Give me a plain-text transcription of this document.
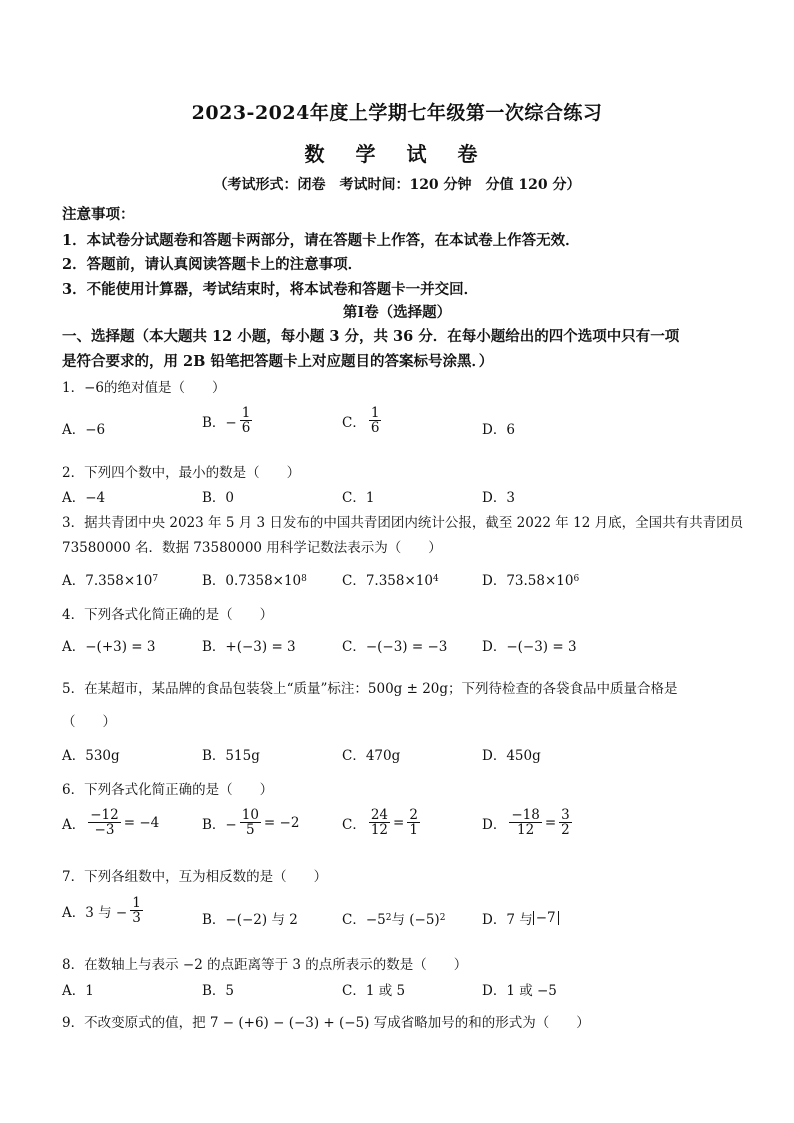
2023-2024年度上学期七年级第一次综合练习
数 学 试 卷
（考试形式：闭卷　考试时间：120 分钟　分值 120 分）
注意事项：
1．本试卷分试题卷和答题卡两部分，请在答题卡上作答，在本试卷上作答无效．
2．答题前，请认真阅读答题卡上的注意事项．
3．不能使用计算器，考试结束时，将本试卷和答题卡一并交回．
第Ⅰ卷（选择题）
一、选择题（本大题共 12 小题，每小题 3 分，共 36 分．在每小题给出的四个选项中只有一项
是符合要求的，用 2B 铅笔把答题卡上对应题目的答案标号涂黑．）
1．−6的绝对值是（　　）
A．−6	B．− $\frac{1}{6}$	C． $\frac{1}{6}$	D．6
2．下列四个数中，最小的数是（　　）
A．−4	B．0	C．1	D．3
3．据共青团中央 2023 年 5 月 3 日发布的中国共青团团内统计公报，截至 2022 年 12 月底，全国共有共青团员
73580000 名．数据 73580000 用科学记数法表示为（　　）
A．7.358×10 7	B．0.7358×10 8	C．7.358×10 4	D．73.58×10 6
4．下列各式化简正确的是（　　）
A．−(+3) = 3	B．+(−3) = 3	C．−(−3) = −3	D．−(−3) = 3
5．在某超市，某品牌的食品包装袋上“质量”标注：500g ± 20g；下列待检查的各袋食品中质量合格是
（　　）
A．530g	B．515g	C．470g	D．450g
6．下列各式化简正确的是（　　）
A． $\frac{-12}{-3} = -4$	B．− $\frac{10}{5} = -2$	C． $\frac{24}{12} = \frac{2}{1}$	D． $\frac{-18}{12} = \frac{3}{2}$
7．下列各组数中，互为相反数的是（　　）
A．3 与 − $\frac{1}{3}$	B．−(−2) 与 2	C．−5 2 与 (−5) 2	D．7 与 −7
8．在数轴上与表示 −2 的点距离等于 3 的点所表示的数是（　　）
A．1	B．5	C．1 或 5	D．1 或 −5
9．不改变原式的值，把 7 − (+6) − (−3) + (−5) 写成省略加号的和的形式为（　　）
